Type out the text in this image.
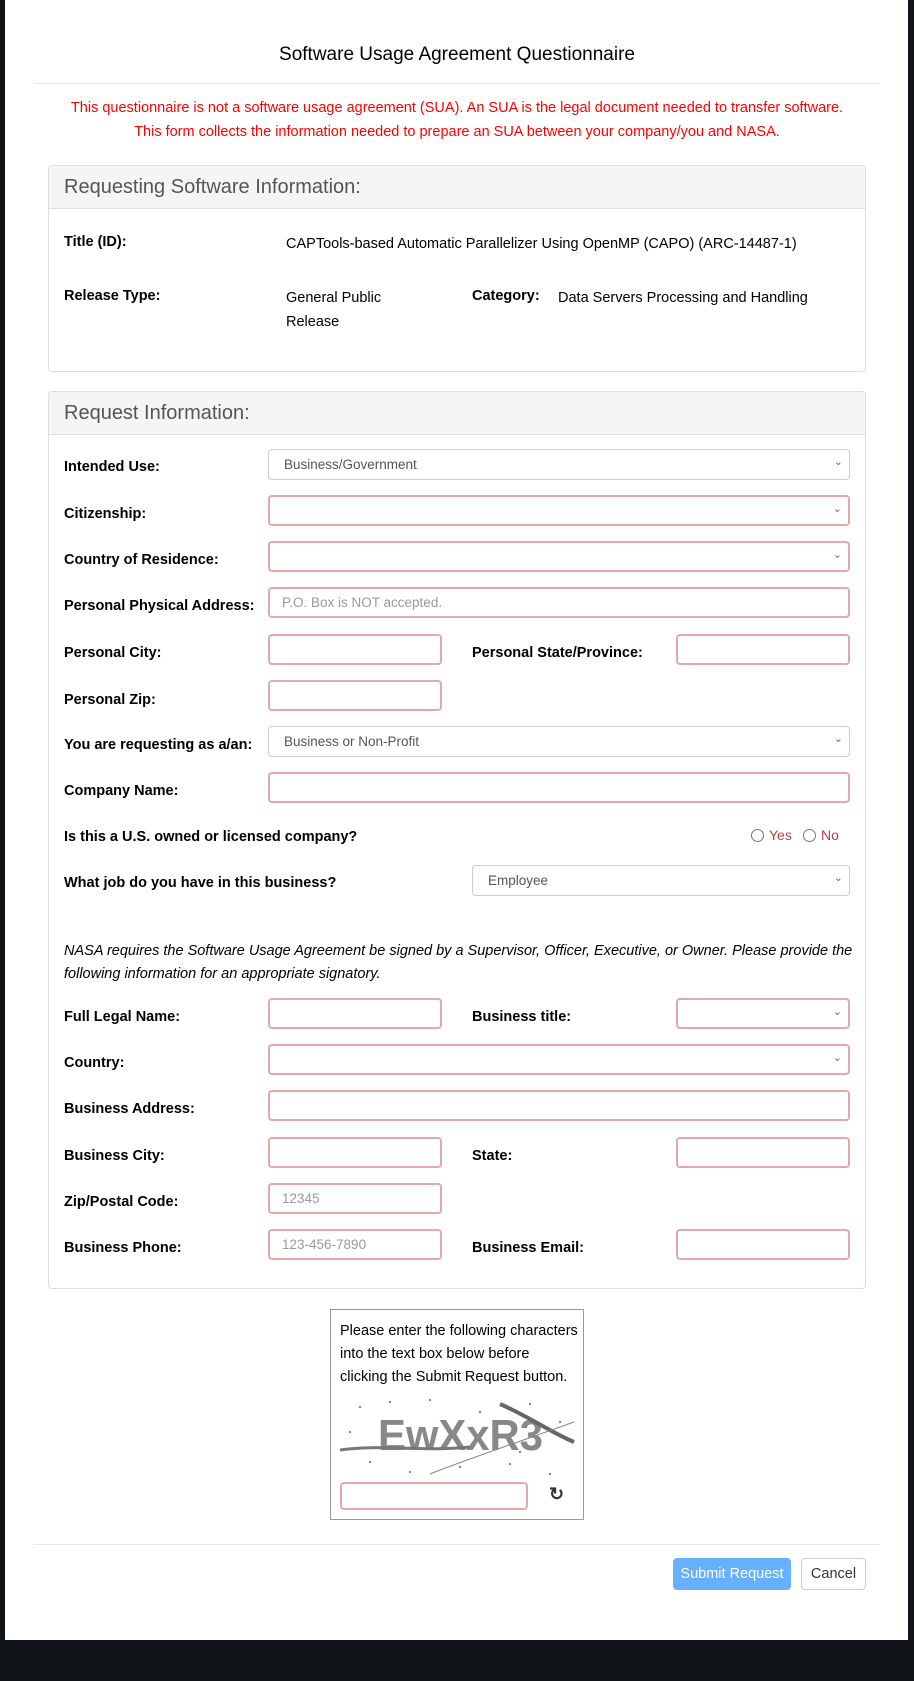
Software Usage Agreement Questionnaire
This questionnaire is not a software usage agreement (SUA). An SUA is the legal document needed to transfer software.
This form collects the information needed to prepare an SUA between your company/you and NASA.
Requesting Software Information:
Title (ID):	CAPTools-based Automatic Parallelizer Using OpenMP (CAPO) (ARC-14487-1)
Release Type:	General Public
Release
Category: Data Servers Processing and Handling
Request Information:
Intended Use:	Business/Government	⌄
Citizenship:	⌄
Country of Residence:	⌄
Personal Physical Address:	P.O. Box is NOT accepted.
Personal City:	Personal State/Province:
Personal Zip:
You are requesting as a/an:	Business or Non-Profit	⌄
Company Name:
Is this a U.S. owned or licensed company?	Yes	No
What job do you have in this business?	Employee	⌄
NASA requires the Software Usage Agreement be signed by a Supervisor, Officer, Executive, or Owner. Please provide the
following information for an appropriate signatory.
Full Legal Name:	Business title:	⌄
Country:	⌄
Business Address:
Business City:	State:
Zip/Postal Code:	12345
Business Phone:	123-456-7890	Business Email:
Please enter the following characters
into the text box below before
clicking the Submit Request button.
EwXxR3
↻
Submit Request	Cancel
